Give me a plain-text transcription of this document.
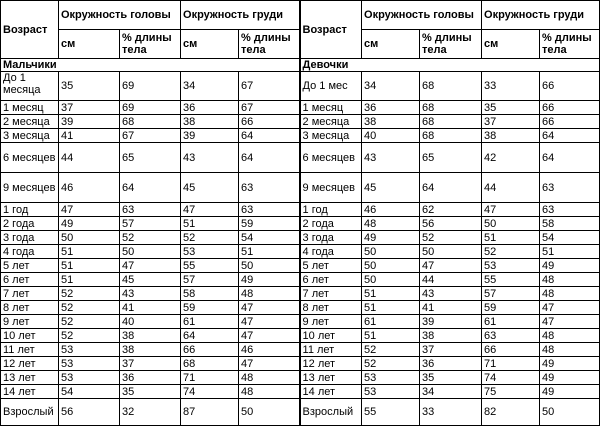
Возраст	Окружность головы		Окружность груди		Возраст	Окружность головы		Окружность груди	
	см	% длины тела	см	% длины тела		см	% длины тела	см	% длины тела
Мальчики					Девочки				
До 1 месяца	35	69	34	67	До 1 мес	34	68	33	66
1 месяц	37	69	36	67	1 месяц	36	68	35	66
2 месяца	39	68	38	66	2 месяца	38	68	37	66
3 месяца	41	67	39	64	3 месяца	40	68	38	64
6 месяцев	44	65	43	64	6 месяцев	43	65	42	64
9 месяцев	46	64	45	63	9 месяцев	45	64	44	63
1 год	47	63	47	63	1 год	46	62	47	63
2 года	49	57	51	59	2 года	48	56	50	58
3 года	50	52	52	54	3 года	49	52	51	54
4 года	51	50	53	51	4 года	50	50	52	51
5 лет	51	47	55	50	5 лет	50	47	53	49
6 лет	51	45	57	49	6 лет	50	44	55	48
7 лет	52	43	58	48	7 лет	51	43	57	48
8 лет	52	41	59	47	8 лет	51	41	59	47
9 лет	52	40	61	47	9 лет	61	39	61	47
10 лет	52	38	64	47	10 лет	51	38	63	48
11 лет	53	38	66	46	11 лет	52	37	66	48
12 лет	53	37	68	47	12 лет	52	36	71	49
13 лет	53	36	71	48	13 лет	53	35	74	49
14 лет	54	35	74	48	14 лет	53	34	75	49
Взрослый	56	32	87	50	Взрослый	55	33	82	50
